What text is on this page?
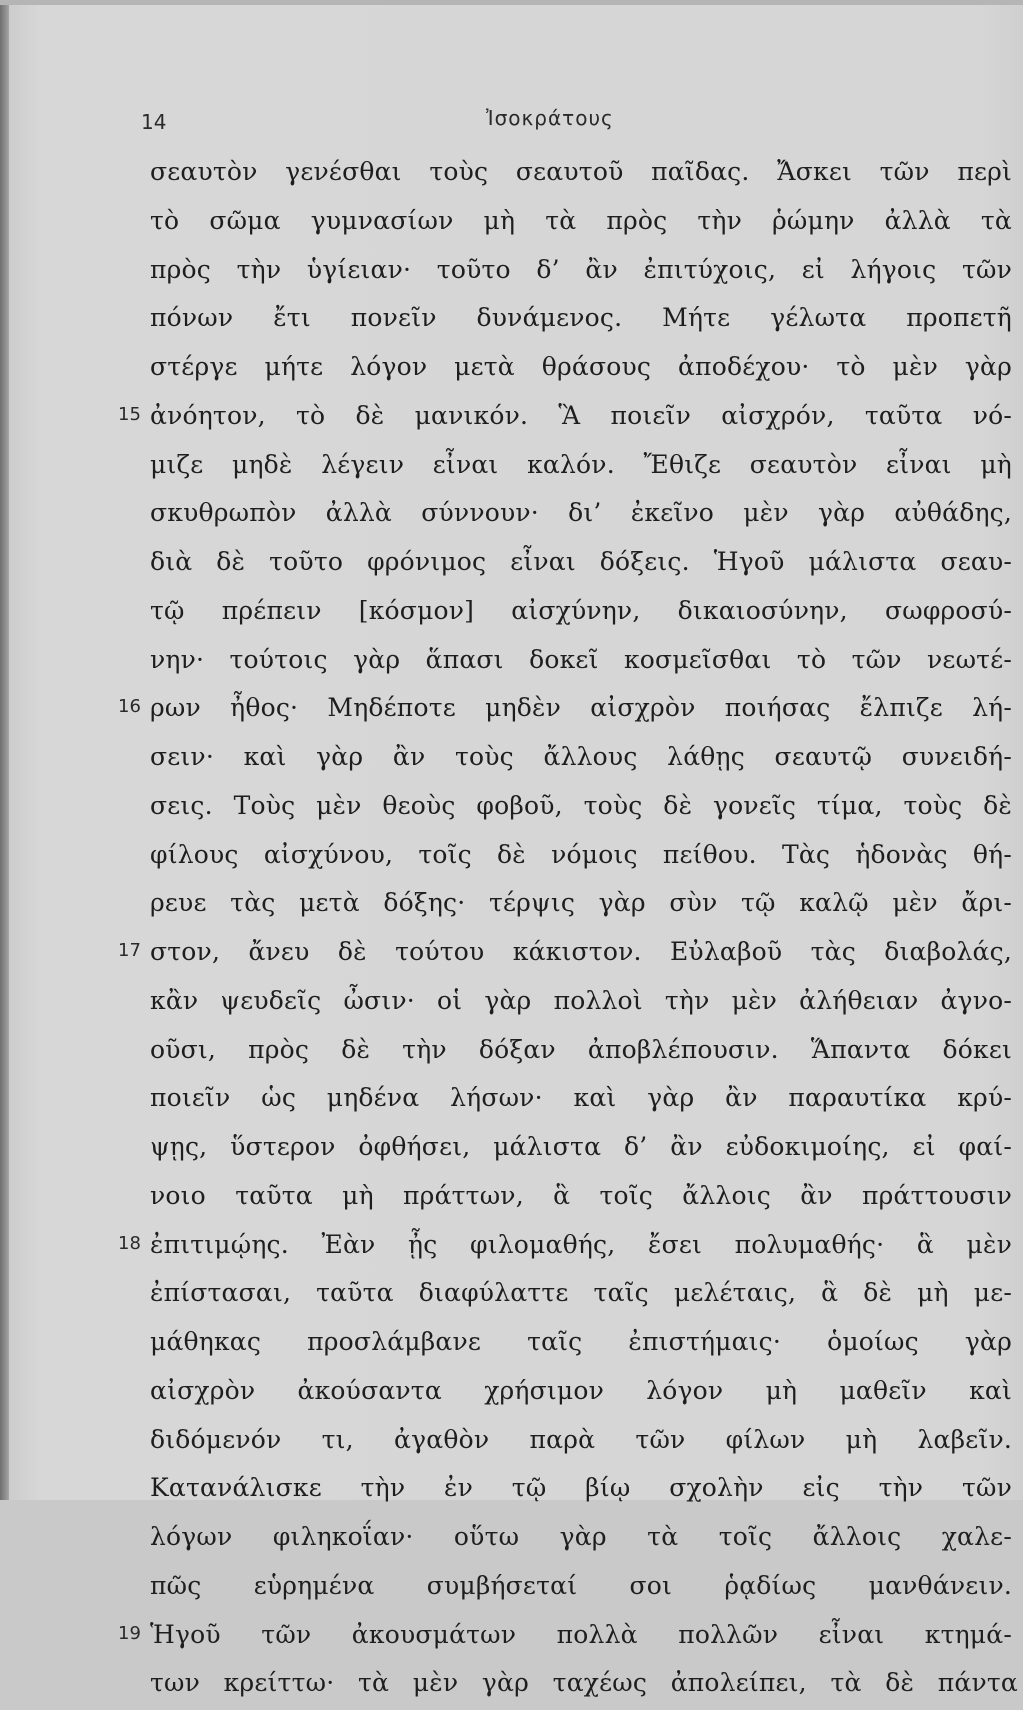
14	Ἰσοκράτους
σεαυτὸν γενέσθαι τοὺς σεαυτοῦ παῖδας. Ἄσκει τῶν περὶ
τὸ σῶμα γυμνασίων μὴ τὰ πρὸς τὴν ῥώμην ἀλλὰ τὰ
πρὸς τὴν ὑγίειαν· τοῦτο δ’ ἂν ἐπιτύχοις, εἰ λήγοις τῶν
πόνων ἔτι πονεῖν δυνάμενος. Μήτε γέλωτα προπετῆ
στέργε μήτε λόγον μετὰ θράσους ἀποδέχου· τὸ μὲν γὰρ
15 ἀνόητον, τὸ δὲ μανικόν. Ἃ ποιεῖν αἰσχρόν, ταῦτα νό-
μιζε μηδὲ λέγειν εἶναι καλόν. Ἔθιζε σεαυτὸν εἶναι μὴ
σκυθρωπὸν ἀλλὰ σύννουν· δι’ ἐκεῖνο μὲν γὰρ αὐθάδης,
διὰ δὲ τοῦτο φρόνιμος εἶναι δόξεις. Ἡγοῦ μάλιστα σεαυ-
τῷ πρέπειν [κόσμον] αἰσχύνην, δικαιοσύνην, σωφροσύ-
νην· τούτοις γὰρ ἅπασι δοκεῖ κοσμεῖσθαι τὸ τῶν νεωτέ-
16 ρων ἦθος· Μηδέποτε μηδὲν αἰσχρὸν ποιήσας ἔλπιζε λή-
σειν· καὶ γὰρ ἂν τοὺς ἄλλους λάθῃς σεαυτῷ συνειδή-
σεις. Τοὺς μὲν θεοὺς φοβοῦ, τοὺς δὲ γονεῖς τίμα, τοὺς δὲ
φίλους αἰσχύνου, τοῖς δὲ νόμοις πείθου. Τὰς ἡδονὰς θή-
ρευε τὰς μετὰ δόξης· τέρψις γὰρ σὺν τῷ καλῷ μὲν ἄρι-
17 στον, ἄνευ δὲ τούτου κάκιστον. Εὐλαβοῦ τὰς διαβολάς,
κἂν ψευδεῖς ὦσιν· οἱ γὰρ πολλοὶ τὴν μὲν ἀλήθειαν ἀγνο-
οῦσι, πρὸς δὲ τὴν δόξαν ἀποβλέπουσιν. Ἅπαντα δόκει
ποιεῖν ὡς μηδένα λήσων· καὶ γὰρ ἂν παραυτίκα κρύ-
ψῃς, ὕστερον ὀφθήσει, μάλιστα δ’ ἂν εὐδοκιμοίης, εἰ φαί-
νοιο ταῦτα μὴ πράττων, ἃ τοῖς ἄλλοις ἂν πράττουσιν
18 ἐπιτιμῴης. Ἐὰν ᾖς φιλομαθής, ἔσει πολυμαθής· ἃ μὲν
ἐπίστασαι, ταῦτα διαφύλαττε ταῖς μελέταις, ἃ δὲ μὴ με-
μάθηκας προσλάμβανε ταῖς ἐπιστήμαις· ὁμοίως γὰρ
αἰσχρὸν ἀκούσαντα χρήσιμον λόγον μὴ μαθεῖν καὶ
διδόμενόν τι, ἀγαθὸν παρὰ τῶν φίλων μὴ λαβεῖν.
Κατανάλισκε τὴν ἐν τῷ βίῳ σχολὴν εἰς τὴν τῶν
λόγων φιληκοΐαν· οὕτω γὰρ τὰ τοῖς ἄλλοις χαλε-
πῶς εὑρημένα συμβήσεταί σοι ῥᾳδίως μανθάνειν.
19 Ἡγοῦ τῶν ἀκουσμάτων πολλὰ πολλῶν εἶναι κτημά-
των κρείττω· τὰ μὲν γὰρ ταχέως ἀπολείπει, τὰ δὲ πάντα
